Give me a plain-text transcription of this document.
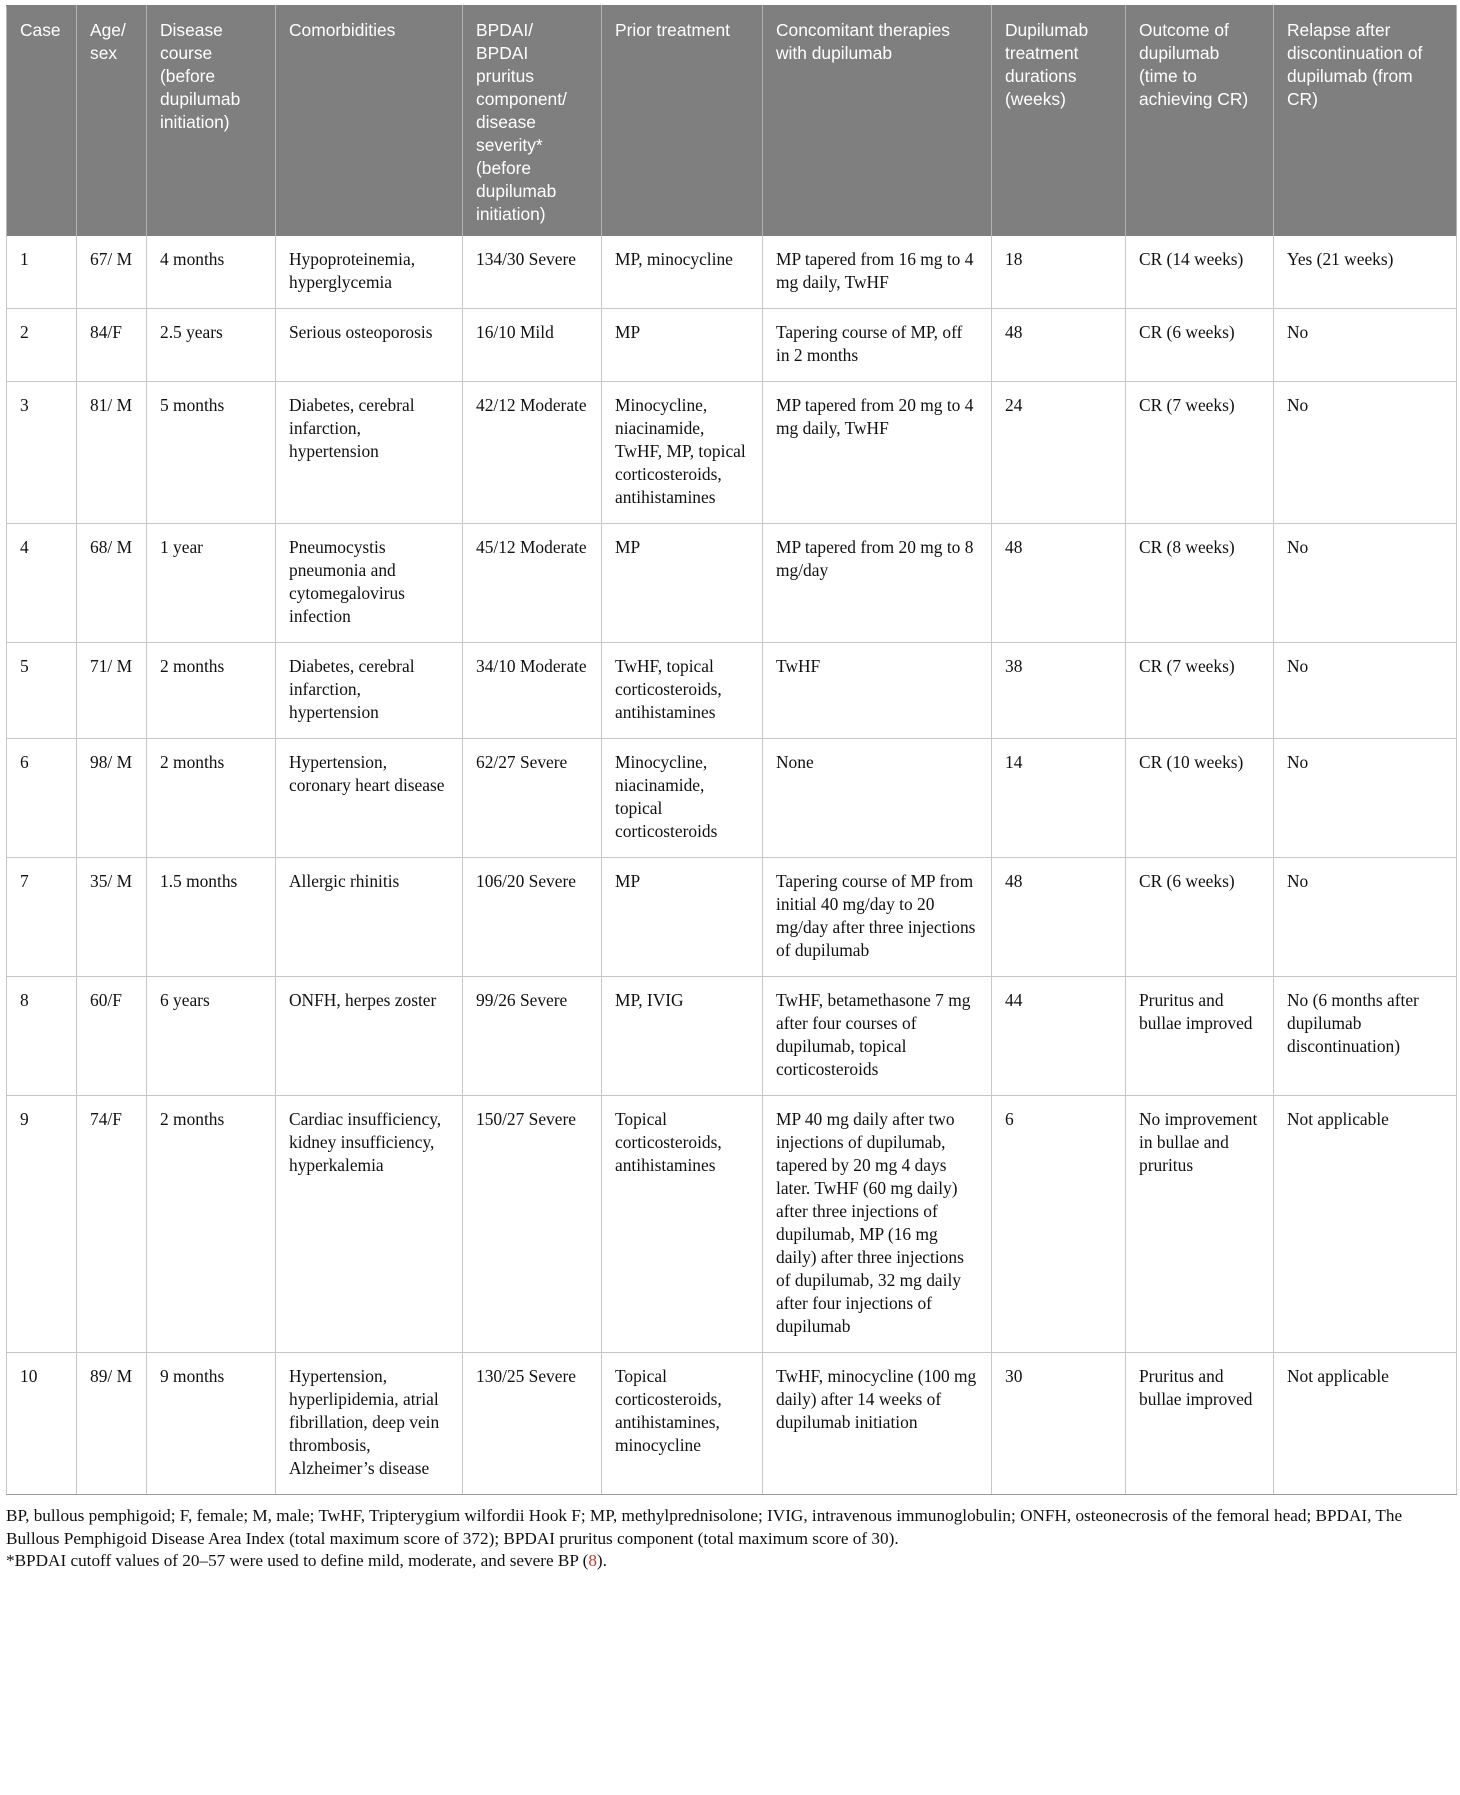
Case	Age/ sex	Disease course (before dupilumab initiation)	Comorbidities	BPDAI/ BPDAI pruritus component/ disease severity* (before dupilumab initiation)	Prior treatment	Concomitant therapies with dupilumab	Dupilumab treatment durations (weeks)	Outcome of dupilumab (time to achieving CR)	Relapse after discontinuation of dupilumab (from CR)
1	67/ M	4 months	Hypoproteinemia, hyperglycemia	134/30 Severe	MP, minocycline	MP tapered from 16 mg to 4 mg daily, TwHF	18	CR (14 weeks)	Yes (21 weeks)
2	84/F	2.5 years	Serious osteoporosis	16/10 Mild	MP	Tapering course of MP, off in 2 months	48	CR (6 weeks)	No
3	81/ M	5 months	Diabetes, cerebral infarction, hypertension	42/12 Moderate	Minocycline, niacinamide, TwHF, MP, topical corticosteroids, antihistamines	MP tapered from 20 mg to 4 mg daily, TwHF	24	CR (7 weeks)	No
4	68/ M	1 year	Pneumocystis pneumonia and cytomegalovirus infection	45/12 Moderate	MP	MP tapered from 20 mg to 8 mg/day	48	CR (8 weeks)	No
5	71/ M	2 months	Diabetes, cerebral infarction, hypertension	34/10 Moderate	TwHF, topical corticosteroids, antihistamines	TwHF	38	CR (7 weeks)	No
6	98/ M	2 months	Hypertension, coronary heart disease	62/27 Severe	Minocycline, niacinamide, topical corticosteroids	None	14	CR (10 weeks)	No
7	35/ M	1.5 months	Allergic rhinitis	106/20 Severe	MP	Tapering course of MP from initial 40 mg/day to 20 mg/day after three injections of dupilumab	48	CR (6 weeks)	No
8	60/F	6 years	ONFH, herpes zoster	99/26 Severe	MP, IVIG	TwHF, betamethasone 7 mg after four courses of dupilumab, topical corticosteroids	44	Pruritus and bullae improved	No (6 months after dupilumab discontinuation)
9	74/F	2 months	Cardiac insufficiency, kidney insufficiency, hyperkalemia	150/27 Severe	Topical corticosteroids, antihistamines	MP 40 mg daily after two injections of dupilumab, tapered by 20 mg 4 days later. TwHF (60 mg daily) after three injections of dupilumab, MP (16 mg daily) after three injections of dupilumab, 32 mg daily after four injections of dupilumab	6	No improvement in bullae and pruritus	Not applicable
10	89/ M	9 months	Hypertension, hyperlipidemia, atrial fibrillation, deep vein thrombosis, Alzheimer’s disease	130/25 Severe	Topical corticosteroids, antihistamines, minocycline	TwHF, minocycline (100 mg daily) after 14 weeks of dupilumab initiation	30	Pruritus and bullae improved	Not applicable

BP, bullous pemphigoid; F, female; M, male; TwHF, Tripterygium wilfordii Hook F; MP, methylprednisolone; IVIG, intravenous immunoglobulin; ONFH, osteonecrosis of the femoral head; BPDAI, The Bullous Pemphigoid Disease Area Index (total maximum score of 372); BPDAI pruritus component (total maximum score of 30).

*BPDAI cutoff values of 20–57 were used to define mild, moderate, and severe BP (8).
